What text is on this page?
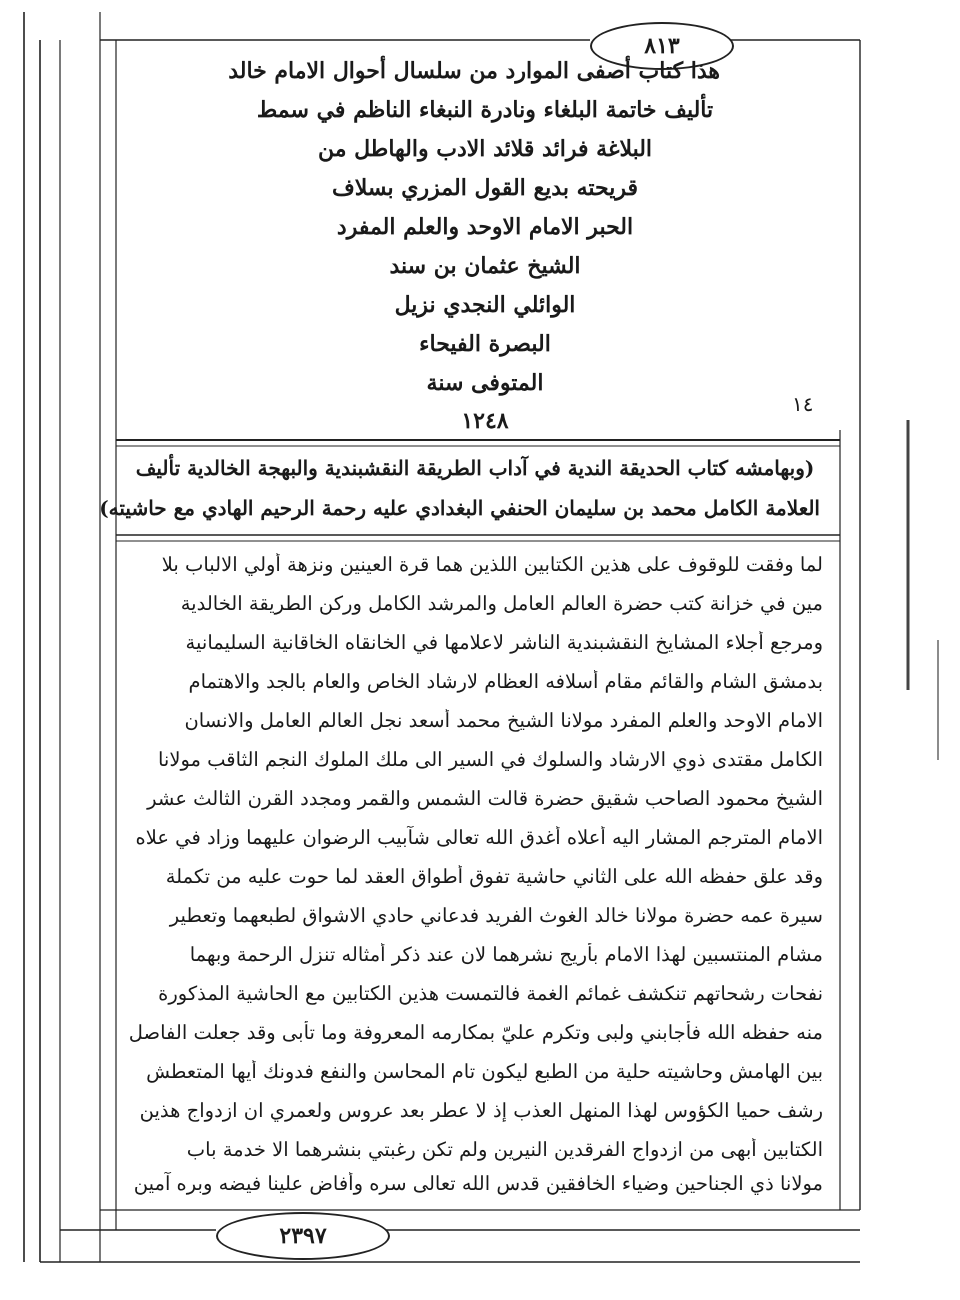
٨١٣
١٤
هذا كتاب أصفى الموارد من سلسال أحوال الامام خالد
تأليف خاتمة البلغاء ونادرة النبغاء الناظم في سمط
البلاغة فرائد قلائد الادب والهاطل من
قريحته بديع القول المزري بسلاف
الحبر الامام الاوحد والعلم المفرد
الشيخ عثمان بن سند
الوائلي النجدي نزيل
البصرة الفيحاء
المتوفى سنة
١٢٤٨
(وبهامشه كتاب الحديقة الندية في آداب الطريقة النقشبندية والبهجة الخالدية تأليف
العلامة الكامل محمد بن سليمان الحنفي البغدادي عليه رحمة الرحيم الهادي مع حاشيته)
لما وفقت للوقوف على هذين الكتابين اللذين هما قرة العينين ونزهة أولي الالباب بلا
مين في خزانة كتب حضرة العالم العامل والمرشد الكامل وركن الطريقة الخالدية
ومرجع أجلاء المشايخ النقشبندية الناشر لاعلامها في الخانقاه الخاقانية السليمانية
بدمشق الشام والقائم مقام أسلافه العظام لارشاد الخاص والعام بالجد والاهتمام
الامام الاوحد والعلم المفرد مولانا الشيخ محمد أسعد نجل العالم العامل والانسان
الكامل مقتدى ذوي الارشاد والسلوك في السير الى ملك الملوك النجم الثاقب مولانا
الشيخ محمود الصاحب شقيق حضرة قالت الشمس والقمر ومجدد القرن الثالث عشر
الامام المترجم المشار اليه أعلاه أغدق الله تعالى شآبيب الرضوان عليهما وزاد في علاه
وقد علق حفظه الله على الثاني حاشية تفوق أطواق العقد لما حوت عليه من تكملة
سيرة عمه حضرة مولانا خالد الغوث الفريد فدعاني حادي الاشواق لطبعهما وتعطير
مشام المنتسبين لهذا الامام بأريج نشرهما لان عند ذكر أمثاله تنزل الرحمة وبهما
نفحات رشحاتهم تنكشف غمائم الغمة فالتمست هذين الكتابين مع الحاشية المذكورة
منه حفظه الله فأجابني ولبى وتكرم عليّ بمكارمه المعروفة وما تأبى وقد جعلت الفاصل
بين الهامش وحاشيته حلية من الطبع ليكون تام المحاسن والنفع فدونك أيها المتعطش
رشف حميا الكؤوس لهذا المنهل العذب إذ لا عطر بعد عروس ولعمري ان ازدواج هذين
الكتابين أبهى من ازدواج الفرقدين النيرين ولم تكن رغبتي بنشرهما الا خدمة باب
مولانا ذي الجناحين وضياء الخافقين قدس الله تعالى سره وأفاض علينا فيضه وبره آمين
٢٣٩٧
